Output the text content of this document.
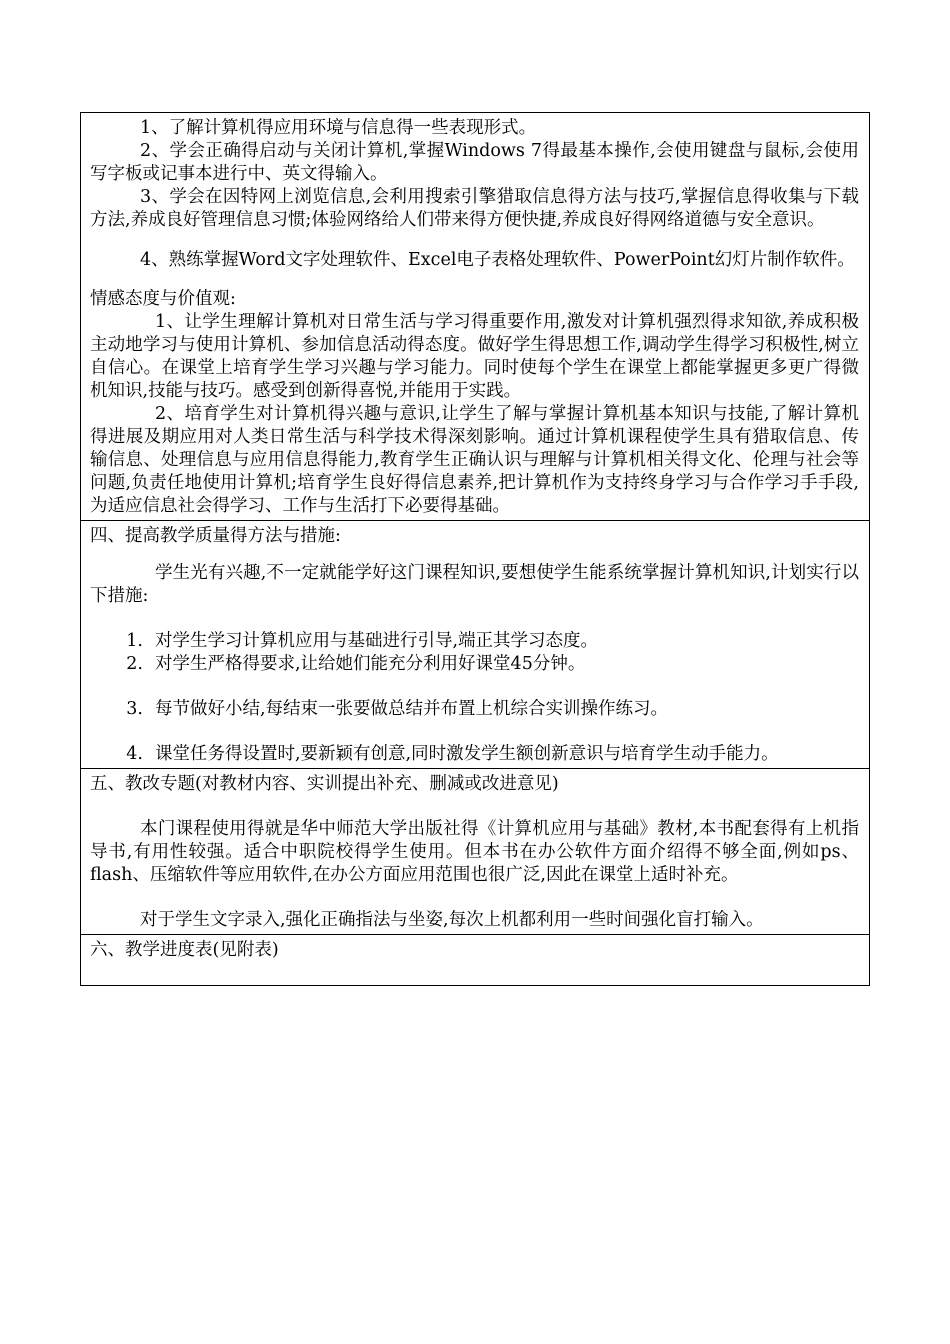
1、了解计算机得应用环境与信息得一些表现形式。

2、学会正确得启动与关闭计算机,掌握Windows 7得最基本操作,会使用键盘与鼠标,会使用写字板或记事本进行中、英文得输入。

3、学会在因特网上浏览信息,会利用搜索引擎猎取信息得方法与技巧,掌握信息得收集与下载方法,养成良好管理信息习惯;体验网络给人们带来得方便快捷,养成良好得网络道德与安全意识。

4、熟练掌握Word文字处理软件、Excel电子表格处理软件、PowerPoint幻灯片制作软件。

情感态度与价值观:

1、让学生理解计算机对日常生活与学习得重要作用,激发对计算机强烈得求知欲,养成积极主动地学习与使用计算机、参加信息活动得态度。做好学生得思想工作,调动学生得学习积极性,树立自信心。在课堂上培育学生学习兴趣与学习能力。同时使每个学生在课堂上都能掌握更多更广得微机知识,技能与技巧。感受到创新得喜悦,并能用于实践。

2、培育学生对计算机得兴趣与意识,让学生了解与掌握计算机基本知识与技能,了解计算机得进展及期应用对人类日常生活与科学技术得深刻影响。通过计算机课程使学生具有猎取信息、传输信息、处理信息与应用信息得能力,教育学生正确认识与理解与计算机相关得文化、伦理与社会等问题,负责任地使用计算机;培育学生良好得信息素养,把计算机作为支持终身学习与合作学习手手段,为适应信息社会得学习、工作与生活打下必要得基础。

四、提高教学质量得方法与措施:

学生光有兴趣,不一定就能学好这门课程知识,要想使学生能系统掌握计算机知识,计划实行以下措施:

1. 对学生学习计算机应用与基础进行引导,端正其学习态度。
2. 对学生严格得要求,让给她们能充分利用好课堂45分钟。
3. 每节做好小结,每结束一张要做总结并布置上机综合实训操作练习。
4. 课堂任务得设置时,要新颖有创意,同时激发学生额创新意识与培育学生动手能力。

五、教改专题(对教材内容、实训提出补充、删减或改进意见)

本门课程使用得就是华中师范大学出版社得《计算机应用与基础》教材,本书配套得有上机指导书,有用性较强。适合中职院校得学生使用。但本书在办公软件方面介绍得不够全面,例如ps、flash、压缩软件等应用软件,在办公方面应用范围也很广泛,因此在课堂上适时补充。

对于学生文字录入,强化正确指法与坐姿,每次上机都利用一些时间强化盲打输入。

六、教学进度表(见附表)
